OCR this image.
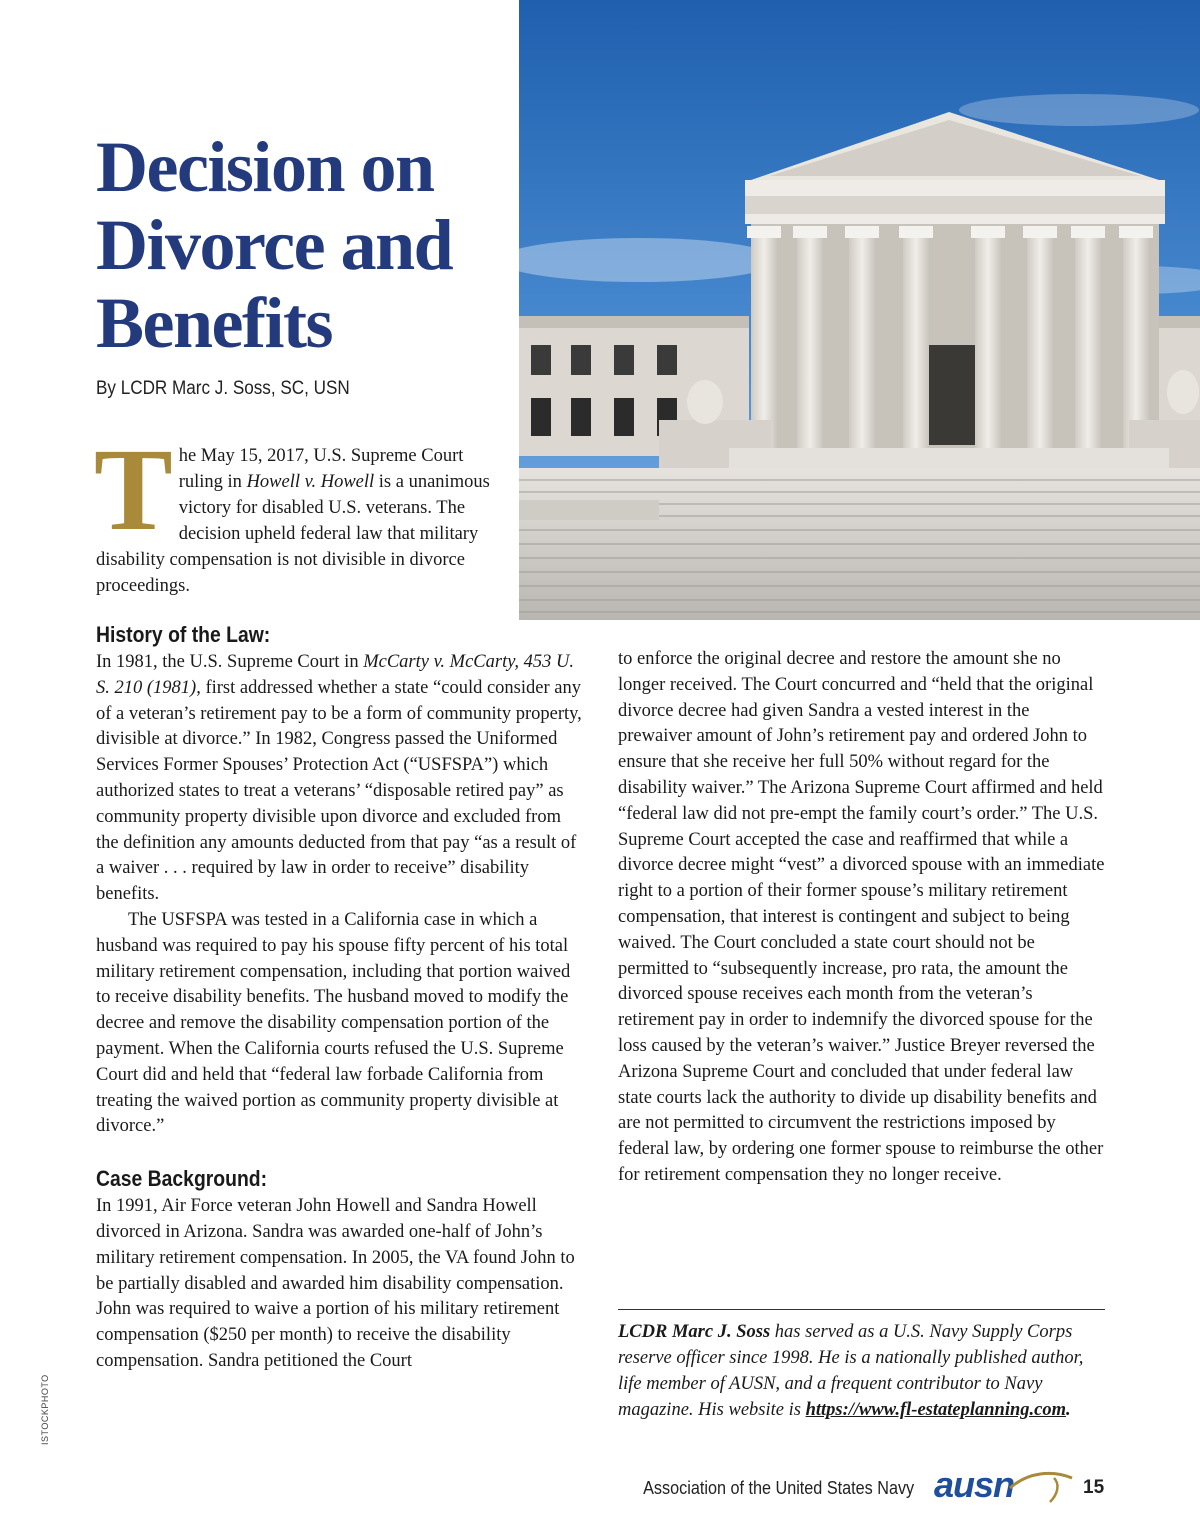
Decision on
Divorce and
Benefits

By LCDR Marc J. Soss, SC, USN

The May 15, 2017, U.S. Supreme Court ruling in Howell v. Howell is a unanimous victory for disabled U.S. veterans. The decision upheld federal law that military disability compensation is not divisible in divorce proceedings.

History of the Law:

In 1981, the U.S. Supreme Court in McCarty v. McCarty, 453 U. S. 210 (1981), first addressed whether a state “could consider any of a veteran’s retirement pay to be a form of community property, divisible at divorce.” In 1982, Congress passed the Uniformed Services Former Spouses’ Protection Act (“USFSPA”) which authorized states to treat a veterans’ “disposable retired pay” as community property divisible upon divorce and excluded from the definition any amounts deducted from that pay “as a result of a waiver . . . required by law in order to receive” disability benefits.

The USFSPA was tested in a California case in which a husband was required to pay his spouse fifty percent of his total military retirement compensation, including that portion waived to receive disability benefits. The husband moved to modify the decree and remove the disability compensation portion of the payment. When the California courts refused the U.S. Supreme Court did and held that “federal law forbade California from treating the waived portion as community property divisible at divorce.”

Case Background:

In 1991, Air Force veteran John Howell and Sandra Howell divorced in Arizona. Sandra was awarded one-half of John’s military retirement compensation. In 2005, the VA found John to be partially disabled and awarded him disability compensation. John was required to waive a portion of his military retirement compensation ($250 per month) to receive the disability compensation. Sandra petitioned the Court

to enforce the original decree and restore the amount she no longer received. The Court concurred and “held that the original divorce decree had given Sandra a vested interest in the prewaiver amount of John’s retirement pay and ordered John to ensure that she receive her full 50% without regard for the disability waiver.” The Arizona Supreme Court affirmed and held “federal law did not pre-empt the family court’s order.” The U.S. Supreme Court accepted the case and reaffirmed that while a divorce decree might “vest” a divorced spouse with an immediate right to a portion of their former spouse’s military retirement compensation, that interest is contingent and subject to being waived. The Court concluded a state court should not be permitted to “subsequently increase, pro rata, the amount the divorced spouse receives each month from the veteran’s retirement pay in order to indemnify the divorced spouse for the loss caused by the veteran’s waiver.” Justice Breyer reversed the Arizona Supreme Court and concluded that under federal law state courts lack the authority to divide up disability benefits and are not permitted to circumvent the restrictions imposed by federal law, by ordering one former spouse to reimburse the other for retirement compensation they no longer receive.

LCDR Marc J. Soss has served as a U.S. Navy Supply Corps reserve officer since 1998. He is a nationally published author, life member of AUSN, and a frequent contributor to Navy magazine. His website is https://www.fl-estateplanning.com.

ISTOCKPHOTO
Association of the United States Navy ausn	15
